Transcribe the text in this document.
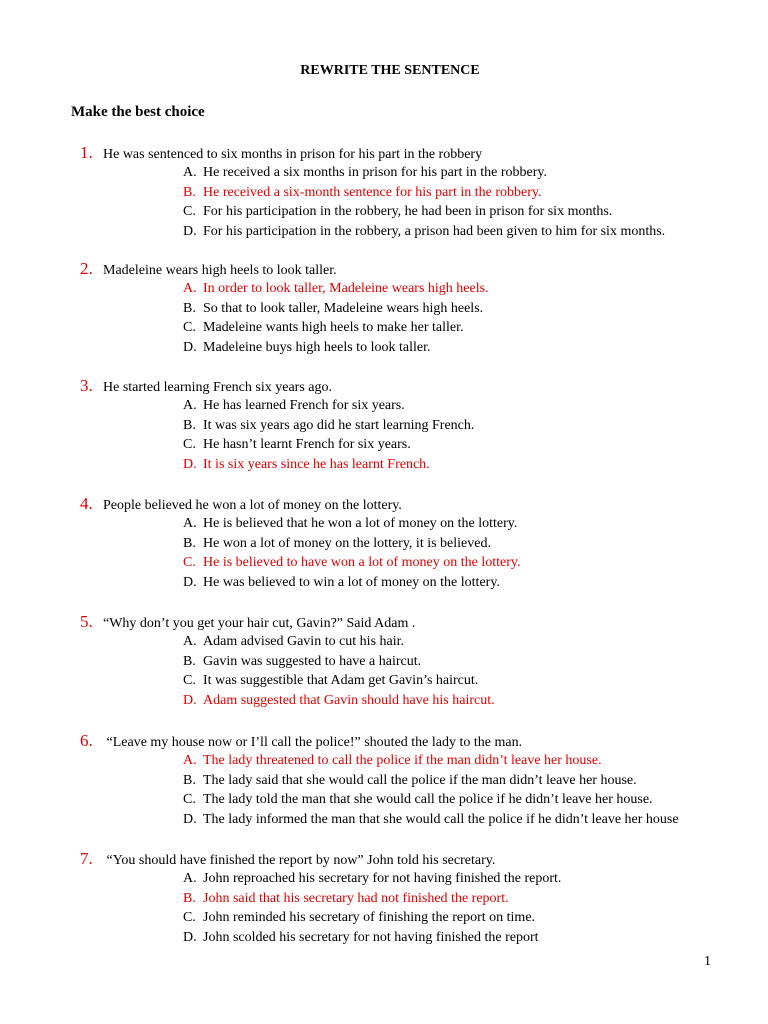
REWRITE THE SENTENCE
Make the best choice
1. He was sentenced to six months in prison for his part in the robbery
A. He received a six months in prison for his part in the robbery.
B. He received a six-month sentence for his part in the robbery.
C. For his participation in the robbery, he had been in prison for six months.
D. For his participation in the robbery, a prison had been given to him for six months.
2. Madeleine wears high heels to look taller.
A. In order to look taller, Madeleine wears high heels.
B. So that to look taller, Madeleine wears high heels.
C. Madeleine wants high heels to make her taller.
D. Madeleine buys high heels to look taller.
3. He started learning French six years ago.
A. He has learned French for six years.
B. It was six years ago did he start learning French.
C. He hasn’t learnt French for six years.
D. It is six years since he has learnt French.
4. People believed he won a lot of money on the lottery.
A. He is believed that he won a lot of money on the lottery.
B. He won a lot of money on the lottery, it is believed.
C. He is believed to have won a lot of money on the lottery.
D. He was believed to win a lot of money on the lottery.
5. “Why don’t you get your hair cut, Gavin?” Said Adam .
A. Adam advised Gavin to cut his hair.
B. Gavin was suggested to have a haircut.
C. It was suggestible that Adam get Gavin’s haircut.
D. Adam suggested that Gavin should have his haircut.
6. “Leave my house now or I’ll call the police!” shouted the lady to the man.
A. The lady threatened to call the police if the man didn’t leave her house.
B. The lady said that she would call the police if the man didn’t leave her house.
C. The lady told the man that she would call the police if he didn’t leave her house.
D. The lady informed the man that she would call the police if he didn’t leave her house
7. “You should have finished the report by now” John told his secretary.
A. John reproached his secretary for not having finished the report.
B. John said that his secretary had not finished the report.
C. John reminded his secretary of finishing the report on time.
D. John scolded his secretary for not having finished the report
1
